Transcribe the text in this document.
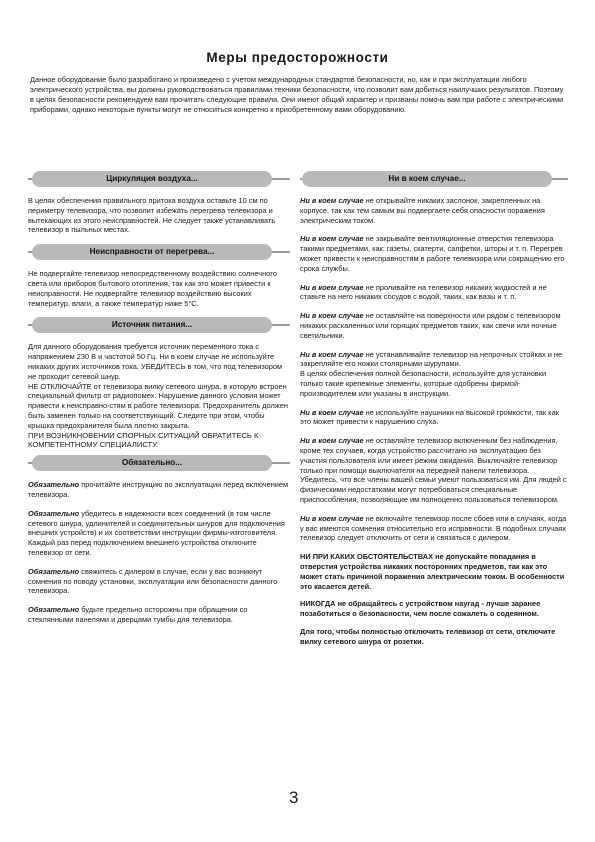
Меры предосторожности

Данное оборудование было разработано и произведено с учетом международных стандартов безопасности, но, как и при эксплуатации любого электрического устройства, вы должны руководствоваться правилами техники безопасности, что позволит вам добиться наилучших результатов. Поэтому в целях безопасности рекомендуем вам прочитать следующие правила. Они имеют общий характер и призваны помочь вам при работе с электрическими приборами, однако некоторые пункты могут не относиться конкретно к приобретенному вами оборудованию.

Циркуляция воздуха...

В целях обеспечения правильного притока воздуха оставьте 10 см по периметру телевизора, что позволит избежать перегрева телевизора и вытекающих из этого неисправностей. Не следует также устанавливать телевизор в пыльных местах.

Неисправности от перегрева...

Не подвергайте телевизор непосредственному воздействию солнечного света или приборов бытового отопления, так как это может привести к неисправности. Не подвергайте телевизор воздействию высоких температур, влаги, а также температур ниже 5°С.

Источник питания...

Для данного оборудования требуется источник переменного тока с напряжением 230 В и частотой 50 Гц. Ни в коем случае не используйте никаких других источников тока. УБЕДИТЕСЬ в том, что под телевизором не проходит сетевой шнур.

НЕ ОТКЛЮЧАЙТЕ от телевизора вилку сетевого шнура, в которую встроен специальный фильтр от радиопомех. Нарушение данного условия может привести к неисправно-стям в работе телевизора. Предохранитель должен быть заменен только на соответствующий. Следите при этом, чтобы крышка предохранителя была плотно закрыта.

ПРИ ВОЗНИКНОВЕНИИ СПОРНЫХ СИТУАЦИЙ ОБРАТИТЕСЬ К КОМПЕТЕНТНОМУ СПЕЦИАЛИСТУ.

Обязательно...

Обязательно прочитайте инструкцию по эксплуатации перед включением телевизора.

Обязательно убедитесь в надежности всех соединений (в том числе сетевого шнура, удлинителей и соединительных шнуров для подключения внешних устройств) и их соответствии инструкции фирмы-изготовителя. Каждый раз перед подключением внешнего устройства отключите телевизор от сети.

Обязательно свяжитесь с дилером в случае, если у вас возникнут сомнения по поводу установки, эксплуатации или безопасности данного телевизора.

Обязательно будьте предельно осторожны при обращении со стеклянными панелями и дверцами тумбы для телевизора.

Ни в коем случае...

Ни в коем случае не открывайте никаких заслонок, закрепленных на корпусе, так как тем самым вы подвергаете себя опасности поражения электрическим током.

Ни в коем случае не закрывайте вентиляционные отверстия телевизора такими предметами, как: газеты, скатерти, салфетки, шторы и т. п. Перегрев может привести к неисправностям в работе телевизора или сокращению его срока службы.

Ни в коем случае не проливайте на телевизор никаких жидкостей и не ставьте на него никаких сосудов с водой, таких, как вазы и т. п.

Ни в коем случае не оставляйте на поверхности или рядом с телевизором никаких раскаленных или горящих предметов таких, как свечи или ночные светильники.

Ни в коем случае не устанавливайте телевизор на непрочных стойках и не закрепляйте его ножки столярными шурупами.

В целях обеспечения полной безопасности, используйте для установки только такие крепежные элементы, которые одобрены фирмой-производителем или указаны в инструкции.

Ни в коем случае не используйте наушники на высокой громкости, так как это может привести к нарушению слуха.

Ни в коем случае не оставляйте телевизор включенным без наблюдения, кроме тех случаев, когда устройство рассчитано на эксплуатацию без участия пользователя или имеет режим ожидания. Выключайте телевизор только при помощи выключателя на передней панели телевизора. Убедитесь, что все члены вашей семьи умеют пользоваться им. Для людей с физическими недостатками могут потребоваться специальные приспособления, позволяющие им полноценно пользоваться телевизором.

Ни в коем случае не включайте телевизор после сбоев или в случаях, когда у вас имеются сомнения относительно его исправности. В подобных случаях телевизор следует отключить от сети и связаться с дилером.

НИ ПРИ КАКИХ ОБСТОЯТЕЛЬСТВАХ не допускайте попадания в отверстия устройства никаких посторонних предметов, так как это может стать причиной поражения электрическим током. В особенности это касается детей.

НИКОГДА не обращайтесь с устройством наугад - лучше заранее позаботиться о безопасности, чем после сожалеть о содеянном.

Для того, чтобы полностью отключить телевизор от сети, отключите вилку сетевого шнура от розетки.

3
